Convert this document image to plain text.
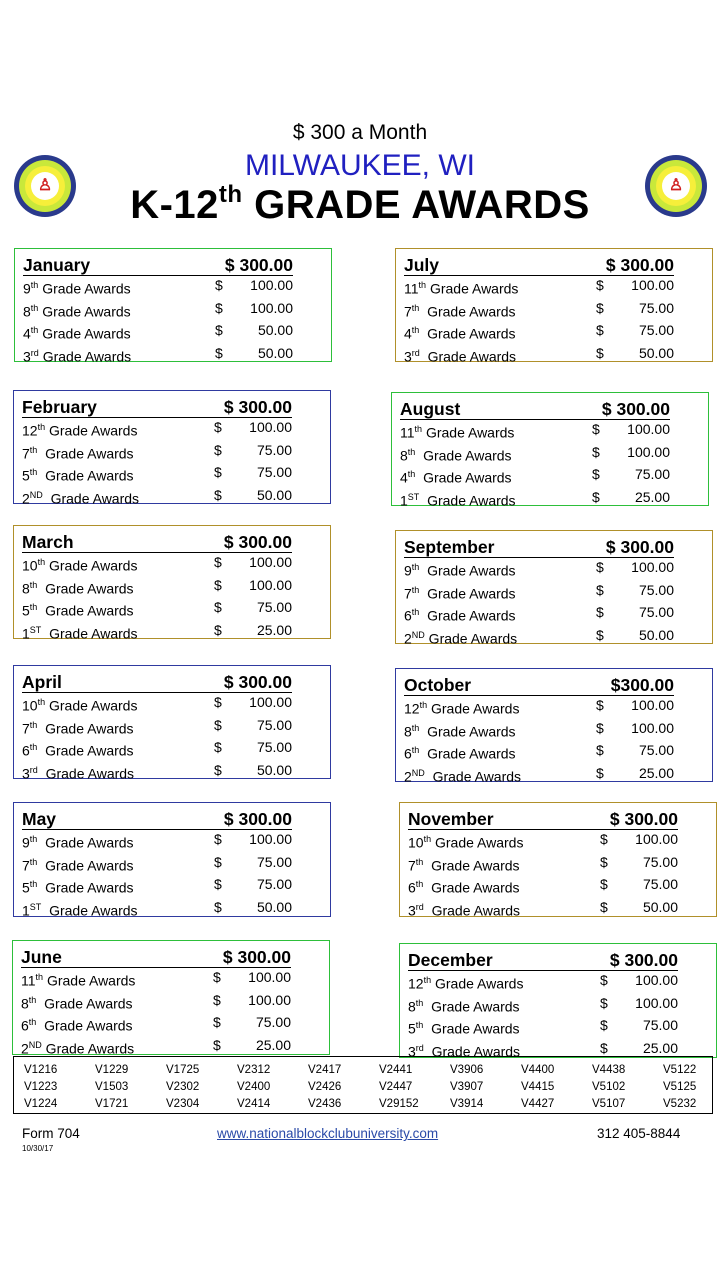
♙	♙
$ 300 a Month
MILWAUKEE, WI
K-12th GRADE AWARDS
January	$ 300.00
9th Grade Awards	$	100.00
8th Grade Awards	$	100.00
4th Grade Awards	$	50.00
3rd Grade Awards	$	50.00
July	$ 300.00
11th Grade Awards	$	100.00
7th  Grade Awards	$	75.00
4th  Grade Awards	$	75.00
3rd  Grade Awards	$	50.00
February	$ 300.00
12th Grade Awards	$	100.00
7th  Grade Awards	$	75.00
5th  Grade Awards	$	75.00
2ND  Grade Awards	$	50.00
August	$ 300.00
11th Grade Awards	$	100.00
8th  Grade Awards	$	100.00
4th  Grade Awards	$	75.00
1ST  Grade Awards	$	25.00
March	$ 300.00
10th Grade Awards	$	100.00
8th  Grade Awards	$	100.00
5th  Grade Awards	$	75.00
1ST  Grade Awards	$	25.00
September	$ 300.00
9th  Grade Awards	$	100.00
7th  Grade Awards	$	75.00
6th  Grade Awards	$	75.00
2ND Grade Awards	$	50.00
April	$ 300.00
10th Grade Awards	$	100.00
7th  Grade Awards	$	75.00
6th  Grade Awards	$	75.00
3rd  Grade Awards	$	50.00
October	$300.00
12th Grade Awards	$	100.00
8th  Grade Awards	$	100.00
6th  Grade Awards	$	75.00
2ND  Grade Awards	$	25.00
May	$ 300.00
9th  Grade Awards	$	100.00
7th  Grade Awards	$	75.00
5th  Grade Awards	$	75.00
1ST  Grade Awards	$	50.00
November	$ 300.00
10th Grade Awards	$	100.00
7th  Grade Awards	$	75.00
6th  Grade Awards	$	75.00
3rd  Grade Awards	$	50.00
June	$ 300.00
11th Grade Awards	$	100.00
8th  Grade Awards	$	100.00
6th  Grade Awards	$	75.00
2ND Grade Awards	$	25.00
December	$ 300.00
12th Grade Awards	$	100.00
8th  Grade Awards	$	100.00
5th  Grade Awards	$	75.00
3rd  Grade Awards	$	25.00
V1216	V1229	V1725	V2312	V2417	V2441	V3906	V4400	V4438	V5122
V1223	V1503	V2302	V2400	V2426	V2447	V3907	V4415	V5102	V5125
V1224	V1721	V2304	V2414	V2436	V29152	V3914	V4427	V5107	V5232
Form 704
10/30/17
www.nationalblockclubuniversity.com	312 405-8844
